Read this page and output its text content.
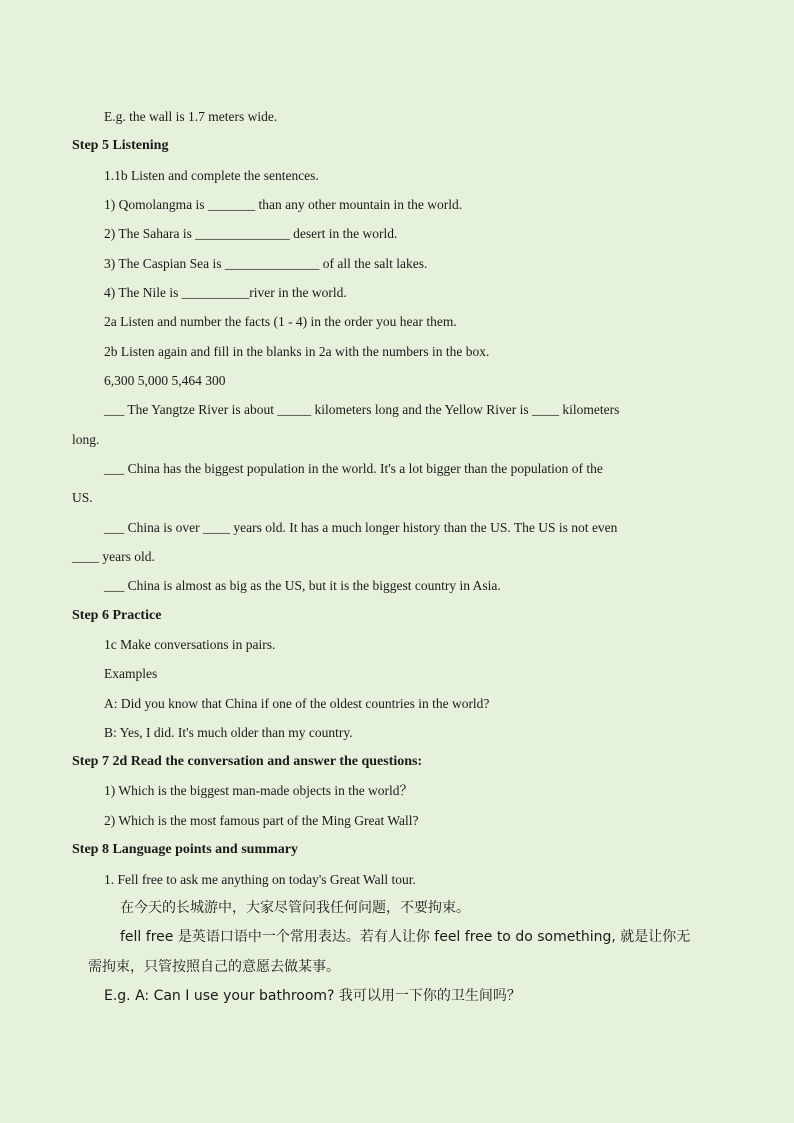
E.g. the wall is 1.7 meters wide.
Step 5 Listening
1.1b Listen and complete the sentences.
1) Qomolangma is _______ than any other mountain in the world.
2) The Sahara is ______________ desert in the world.
3) The Caspian Sea is ______________ of all the salt lakes.
4) The Nile is __________river in the world.
2a Listen and number the facts (1 - 4) in the order you hear them.
2b Listen again and fill in the blanks in 2a with the numbers in the box.
6,300 5,000 5,464 300
___ The Yangtze River is about _____ kilometers long and the Yellow River is ____ kilometers
long.
___ China has the biggest population in the world. It's a lot bigger than the population of the
US.
___ China is over ____ years old. It has a much longer history than the US. The US is not even
____ years old.
___ China is almost as big as the US, but it is the biggest country in Asia.
Step 6 Practice
1c Make conversations in pairs.
Examples
A: Did you know that China if one of the oldest countries in the world?
B: Yes, I did. It's much older than my country.
Step 7 2d Read the conversation and answer the questions:
1) Which is the biggest man-made objects in the world？
2) Which is the most famous part of the Ming Great Wall?
Step 8 Language points and summary
1. Fell free to ask me anything on today's Great Wall tour.
在今天的长城游中，大家尽管问我任何问题，不要拘束。
fell free 是英语口语中一个常用表达。若有人让你 feel free to do something, 就是让你无
需拘束，只管按照自己的意愿去做某事。
E.g. A: Can I use your bathroom? 我可以用一下你的卫生间吗？
